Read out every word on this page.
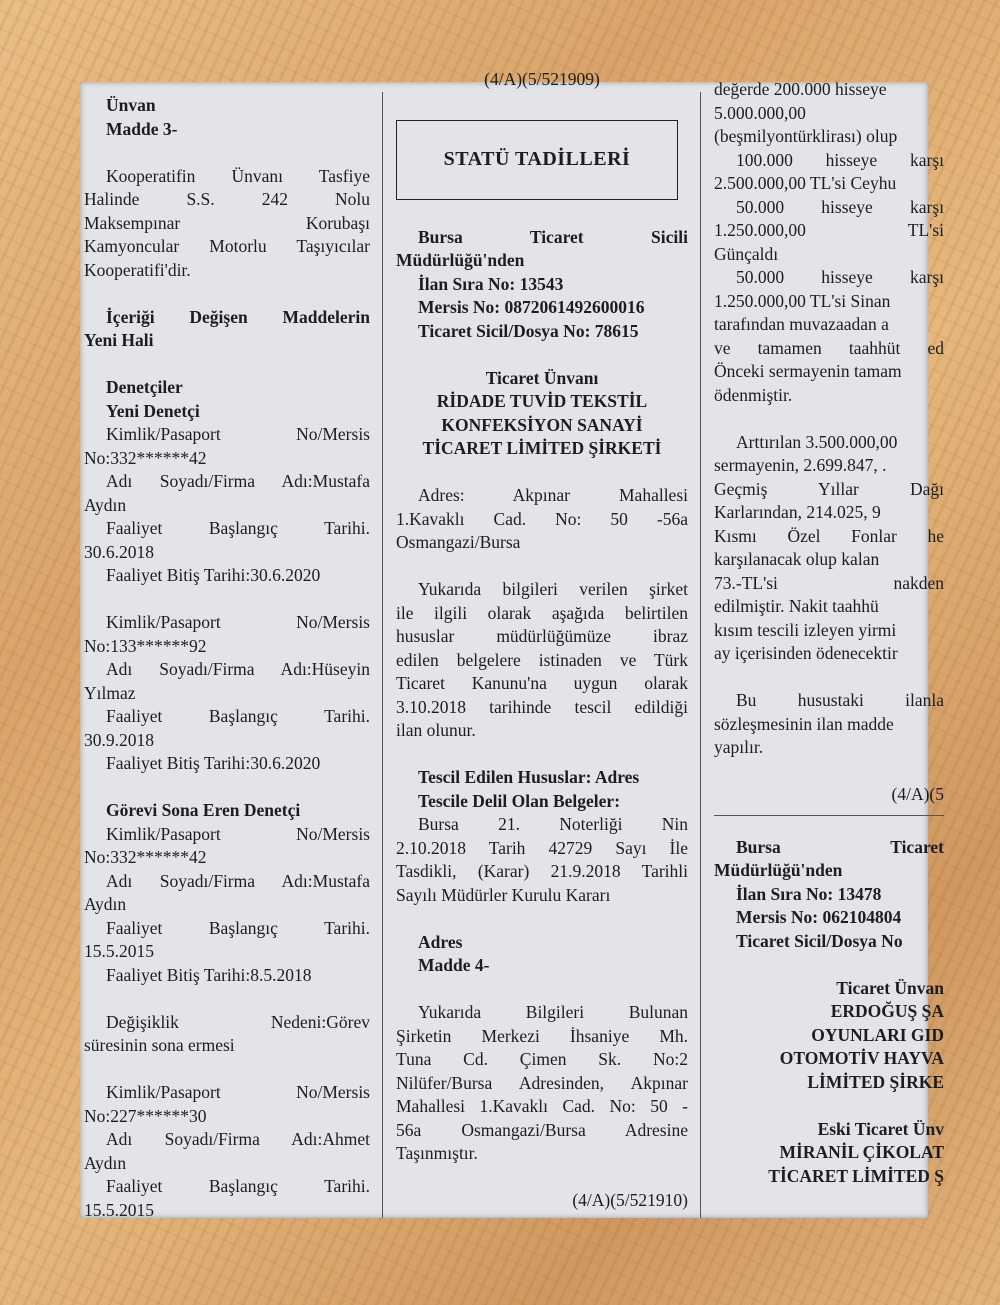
Ünvan
Madde 3-
Kooperatifin Ünvanı Tasfiye
Halinde S.S. 242 Nolu
Maksempınar Korubaşı
Kamyoncular Motorlu Taşıyıcılar
Kooperatifi'dir.
İçeriği Değişen Maddelerin
Yeni Hali
Denetçiler
Yeni Denetçi
Kimlik/Pasaport No/Mersis
No:332******42
Adı Soyadı/Firma Adı:Mustafa
Aydın
Faaliyet Başlangıç Tarihi.
30.6.2018
Faaliyet Bitiş Tarihi:30.6.2020
Kimlik/Pasaport No/Mersis
No:133******92
Adı Soyadı/Firma Adı:Hüseyin
Yılmaz
Faaliyet Başlangıç Tarihi.
30.9.2018
Faaliyet Bitiş Tarihi:30.6.2020
Görevi Sona Eren Denetçi
Kimlik/Pasaport No/Mersis
No:332******42
Adı Soyadı/Firma Adı:Mustafa
Aydın
Faaliyet Başlangıç Tarihi.
15.5.2015
Faaliyet Bitiş Tarihi:8.5.2018
Değişiklik Nedeni:Görev
süresinin sona ermesi
Kimlik/Pasaport No/Mersis
No:227******30
Adı Soyadı/Firma Adı:Ahmet
Aydın
Faaliyet Başlangıç Tarihi.
15.5.2015
(4/A)(5/521909)
STATÜ TADİLLERİ
Bursa Ticaret Sicili
Müdürlüğü'nden
İlan Sıra No: 13543
Mersis No: 0872061492600016
Ticaret Sicil/Dosya No: 78615
Ticaret Ünvanı
RİDADE TUVİD TEKSTİL
KONFEKSİYON SANAYİ
TİCARET LİMİTED ŞİRKETİ
Adres: Akpınar Mahallesi
1.Kavaklı Cad. No: 50 -56a
Osmangazi/Bursa
Yukarıda bilgileri verilen şirket
ile ilgili olarak aşağıda belirtilen
hususlar müdürlüğümüze ibraz
edilen belgelere istinaden ve Türk
Ticaret Kanunu'na uygun olarak
3.10.2018 tarihinde tescil edildiği
ilan olunur.
Tescil Edilen Hususlar: Adres
Tescile Delil Olan Belgeler:
Bursa 21. Noterliği Nin
2.10.2018 Tarih 42729 Sayı İle
Tasdikli, (Karar) 21.9.2018 Tarihli
Sayılı Müdürler Kurulu Kararı
Adres
Madde 4-
Yukarıda Bilgileri Bulunan
Şirketin Merkezi İhsaniye Mh.
Tuna Cd. Çimen Sk. No:2
Nilüfer/Bursa Adresinden, Akpınar
Mahallesi 1.Kavaklı Cad. No: 50 -
56a Osmangazi/Bursa Adresine
Taşınmıştır.
(4/A)(5/521910)
değerde 200.000 hisseye
5.000.000,00
(beşmilyontürklirası) olup
100.000 hisseye karşı
2.500.000,00 TL'si Ceyhu
50.000 hisseye karşı
1.250.000,00 TL'si
Günçaldı
50.000 hisseye karşı
1.250.000,00 TL'si Sinan
tarafından muvazaadan a
ve tamamen taahhüt ed
Önceki sermayenin tamam
ödenmiştir.
Arttırılan 3.500.000,00
sermayenin, 2.699.847, .
Geçmiş Yıllar Dağı
Karlarından, 214.025, 9
Kısmı Özel Fonlar he
karşılanacak olup kalan
73.-TL'si nakden
edilmiştir. Nakit taahhü
kısım tescili izleyen yirmi
ay içerisinden ödenecektir
Bu husustaki ilanla
sözleşmesinin ilan madde
yapılır.
(4/A)(5
Bursa Ticaret
Müdürlüğü'nden
İlan Sıra No: 13478
Mersis No: 062104804
Ticaret Sicil/Dosya No
Ticaret Ünvan
ERDOĞUŞ ŞA
OYUNLARI GID
OTOMOTİV HAYVA
LİMİTED ŞİRKE
Eski Ticaret Ünv
MİRANİL ÇİKOLAT
TİCARET LİMİTED Ş
